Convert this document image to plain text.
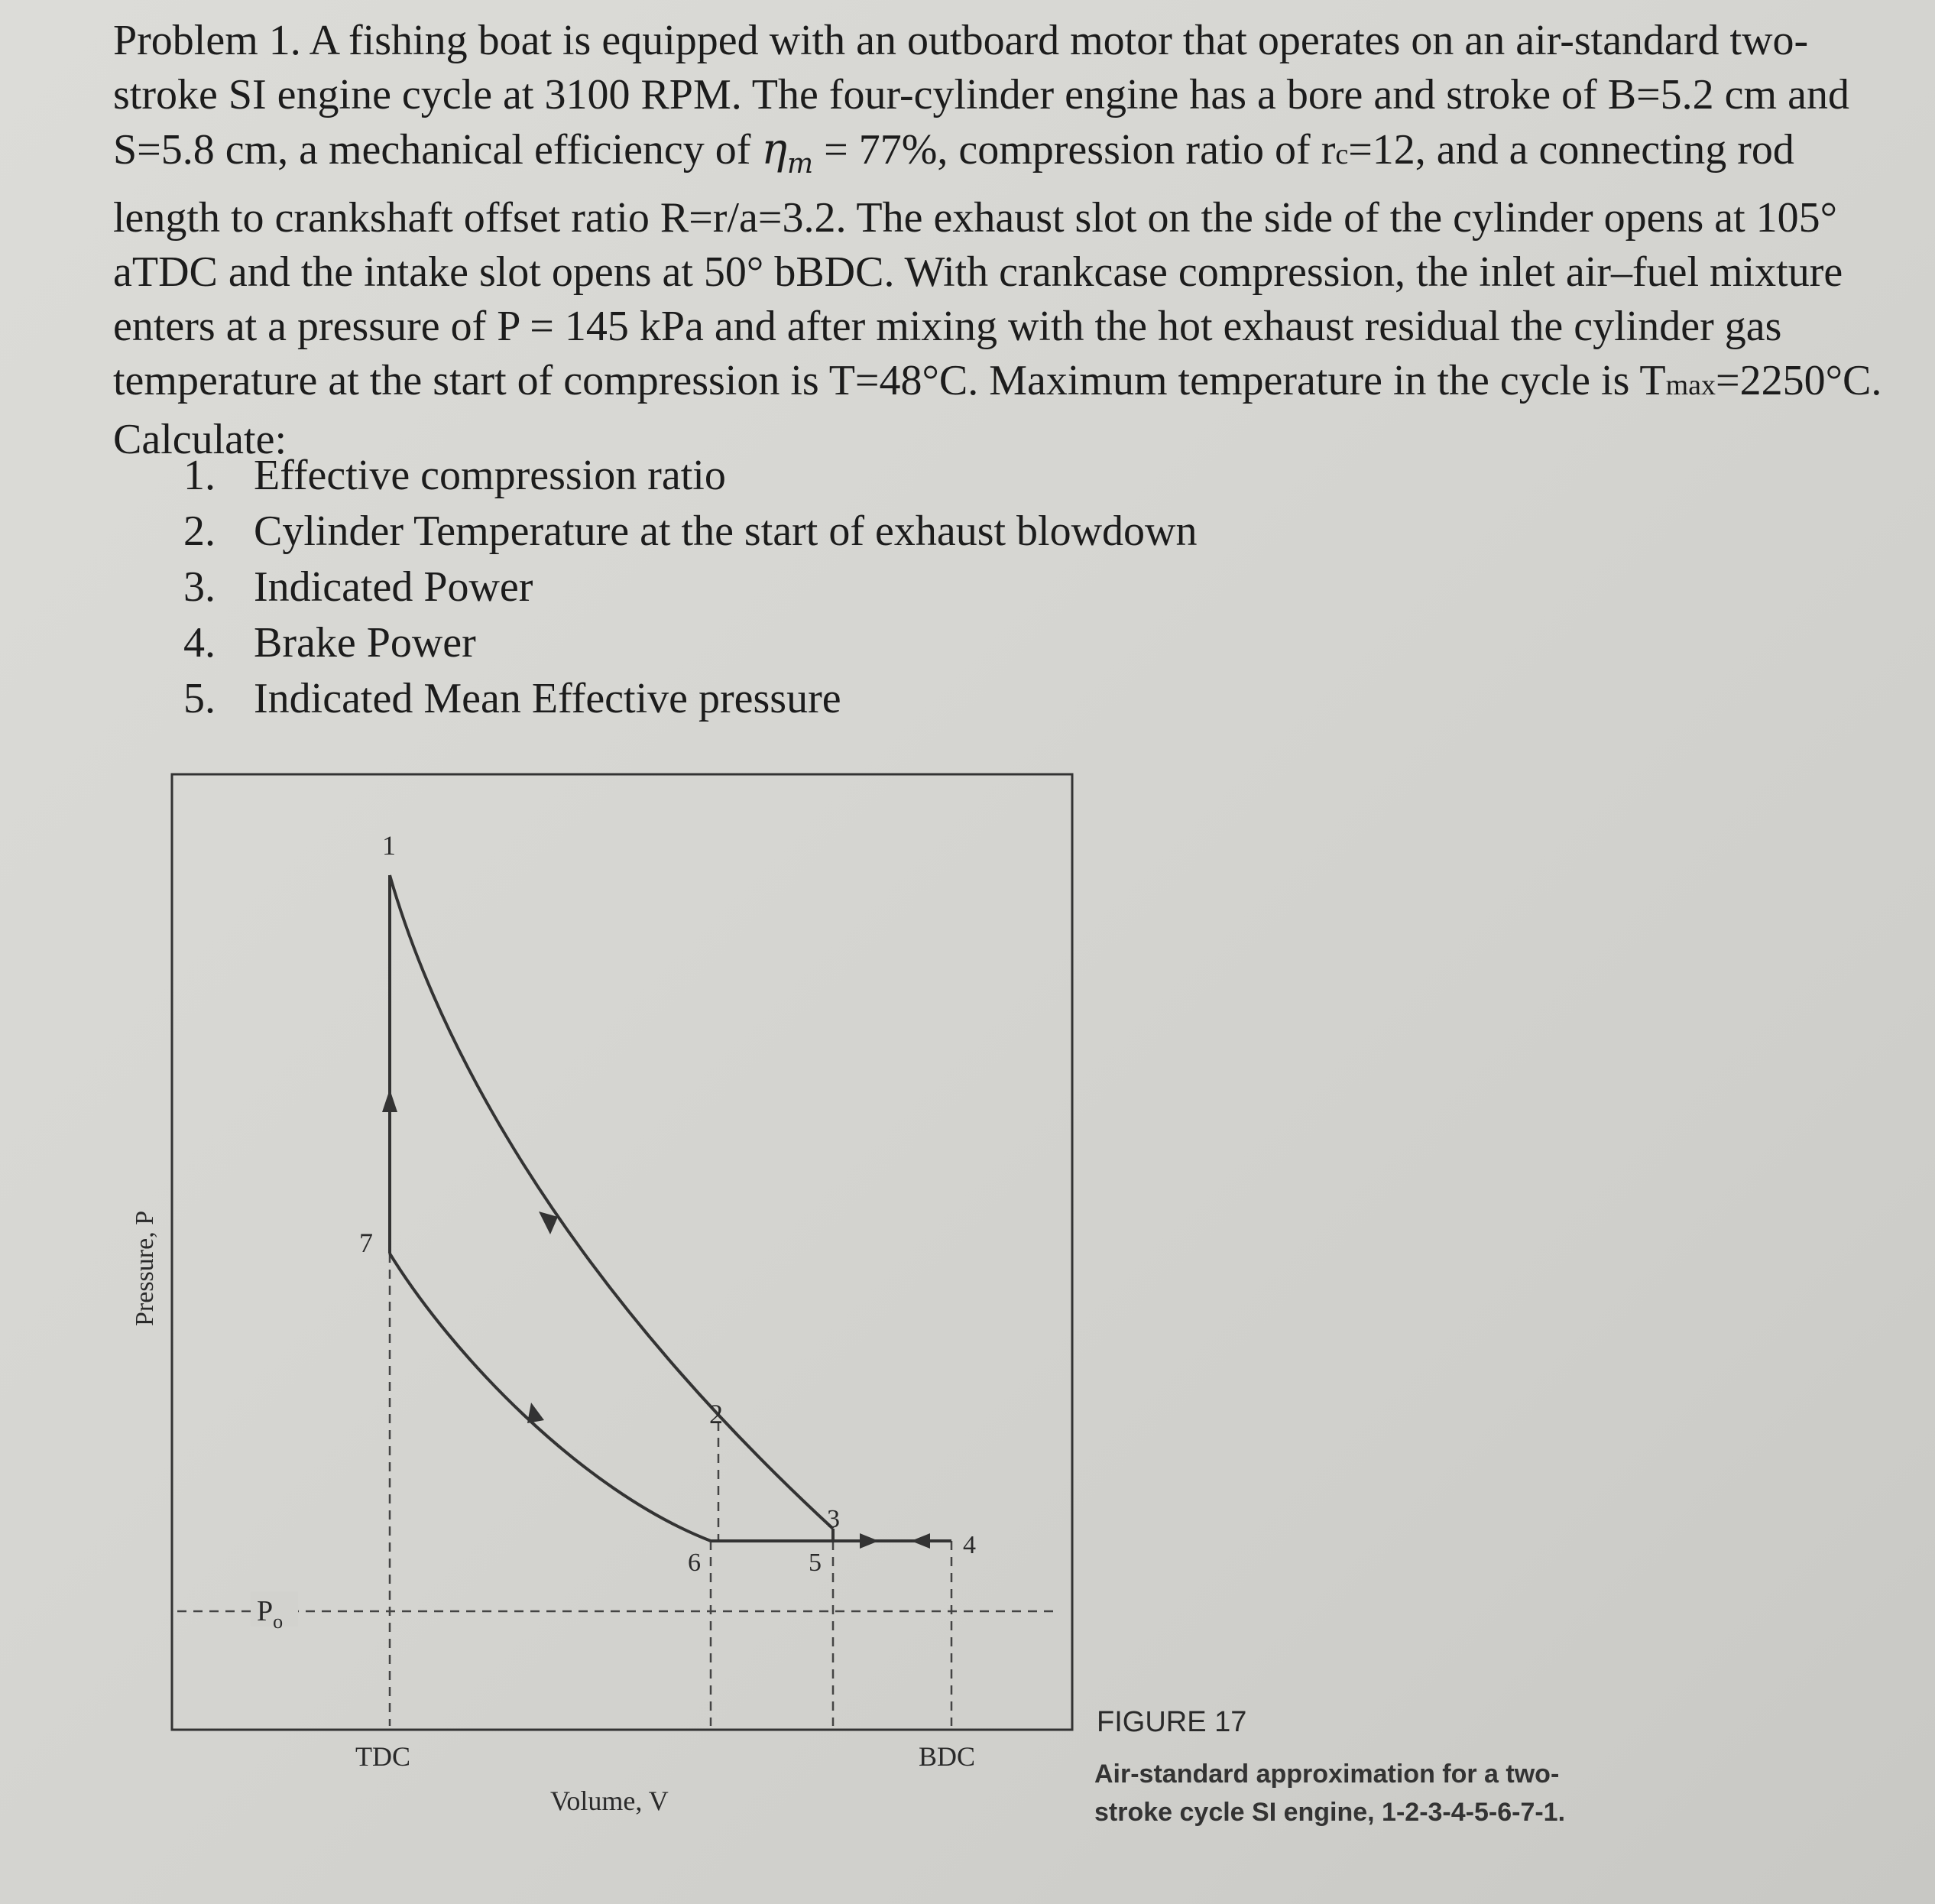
Problem 1. A fishing boat is equipped with an outboard motor that operates on an air-standard two-stroke SI engine cycle at 3100 RPM. The four-cylinder engine has a bore and stroke of B=5.2 cm and S=5.8 cm, a mechanical efficiency of $\eta_m = 77\%$, compression ratio of rc=12, and a connecting rod length to crankshaft offset ratio R=r/a=3.2. The exhaust slot on the side of the cylinder opens at 105° aTDC and the intake slot opens at 50° bBDC. With crankcase compression, the inlet air–fuel mixture enters at a pressure of P = 145 kPa and after mixing with the hot exhaust residual the cylinder gas temperature at the start of compression is T=48°C. Maximum temperature in the cycle is Tmax=2250°C. Calculate:

1. Effective compression ratio
2. Cylinder Temperature at the start of exhaust blowdown
3. Indicated Power
4. Brake Power
5. Indicated Mean Effective pressure
1
2
3
4
5
6
7
$P_o$
TDC	BDC
Volume, V
Pressure, P
FIGURE 17
Air-standard approximation for a two-stroke cycle SI engine, 1-2-3-4-5-6-7-1.
